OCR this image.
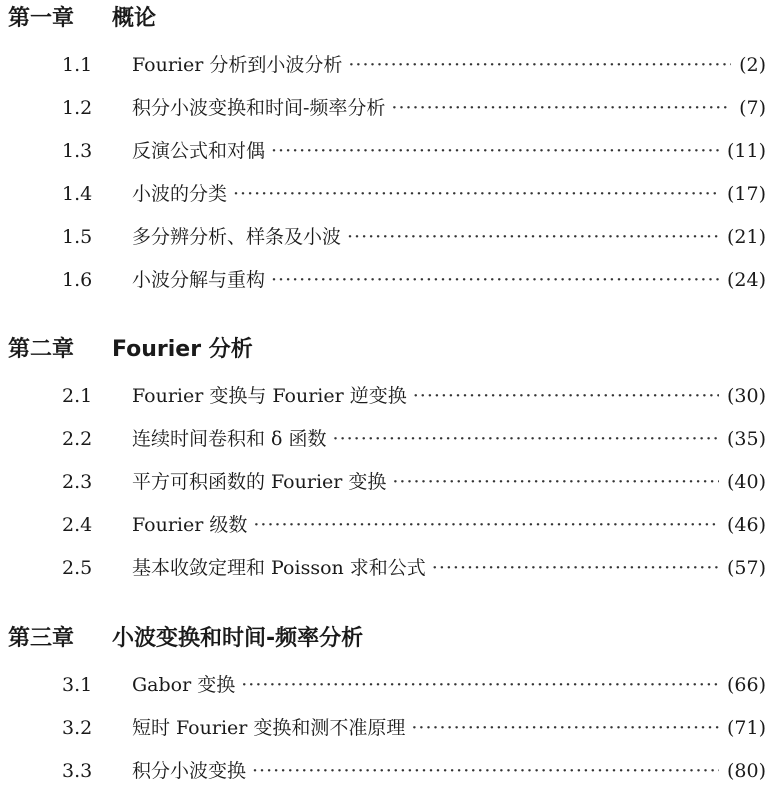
第一章 概论
1.1	Fourier 分析到小波分析 ·····	(2)
1.2	积分小波变换和时间-频率分析 ·····	(7)
1.3	反演公式和对偶 ·····	(11)
1.4	小波的分类 ·····	(17)
1.5	多分辨分析、样条及小波 ·····	(21)
1.6	小波分解与重构 ·····	(24)
第二章 Fourier 分析
2.1	Fourier 变换与 Fourier 逆变换 ·····	(30)
2.2	连续时间卷积和 δ 函数 ·····	(35)
2.3	平方可积函数的 Fourier 变换 ·····	(40)
2.4	Fourier 级数 ·····	(46)
2.5	基本收敛定理和 Poisson 求和公式 ·····	(57)
第三章 小波变换和时间-频率分析
3.1	Gabor 变换 ·····	(66)
3.2	短时 Fourier 变换和测不准原理 ·····	(71)
3.3	积分小波变换 ·····	(80)
